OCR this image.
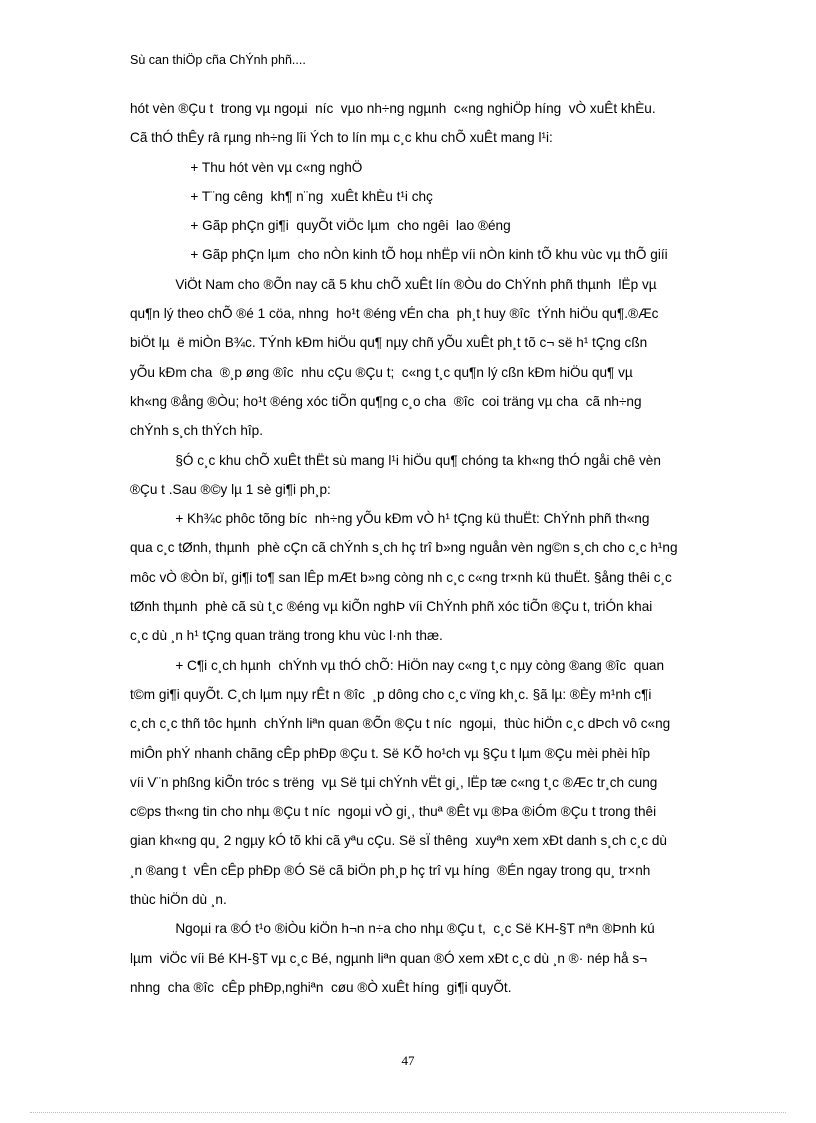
Sù can thiÖp cña ChÝnh phñ....
hót vèn ®Çu t  trong vµ ngoµi  níc  vµo nh÷ng ngµnh  c«ng nghiÖp híng  vÒ xuÊt khÈu.
Cã thÓ thÊy râ rµng nh÷ng lîi Ých to lín mµ c¸c khu chÕ xuÊt mang l¹i:
+ Thu hót vèn vµ c«ng nghÖ
+ T¨ng cêng  kh¶ n¨ng  xuÊt khÈu t¹i chç
+ Gãp phÇn gi¶i  quyÕt viÖc lµm  cho ngêi  lao ®éng
+ Gãp phÇn lµm  cho nÒn kinh tÕ hoµ nhËp víi nÒn kinh tÕ khu vùc vµ thÕ giíi
ViÖt Nam cho ®Õn nay cã 5 khu chÕ xuÊt lín ®Òu do ChÝnh phñ thµnh  lËp vµ
qu¶n lý theo chÕ ®é 1 cöa, nhng  ho¹t ®éng vÉn cha  ph¸t huy ®îc  tÝnh hiÖu qu¶.®Æc
biÖt lµ  ë miÒn B¾c. TÝnh kÐm hiÖu qu¶ nµy chñ yÕu xuÊt ph¸t tõ c¬ së h¹ tÇng cßn
yÕu kÐm cha  ®¸p øng ®îc  nhu cÇu ®Çu t;  c«ng t¸c qu¶n lý cßn kÐm hiÖu qu¶ vµ
kh«ng ®ång ®Òu; ho¹t ®éng xóc tiÕn qu¶ng c¸o cha  ®îc  coi träng vµ cha  cã nh÷ng
chÝnh s¸ch thÝch hîp.
§Ó c¸c khu chÕ xuÊt thËt sù mang l¹i hiÖu qu¶ chóng ta kh«ng thÓ ngåi chê vèn
®Çu t .Sau ®©y lµ 1 sè gi¶i ph¸p:
+ Kh¾c phôc tõng bíc  nh÷ng yÕu kÐm vÒ h¹ tÇng kü thuËt: ChÝnh phñ th«ng
qua c¸c tØnh, thµnh  phè cÇn cã chÝnh s¸ch hç trî b»ng nguån vèn ng©n s¸ch cho c¸c h¹ng
môc vÒ ®Òn bï, gi¶i to¶ san lÊp mÆt b»ng còng nh c¸c c«ng tr×nh kü thuËt. §ång thêi c¸c
tØnh thµnh  phè cã sù t¸c ®éng vµ kiÕn nghÞ víi ChÝnh phñ xóc tiÕn ®Çu t, triÓn khai
c¸c dù ¸n h¹ tÇng quan träng trong khu vùc l·nh thæ.
+ C¶i c¸ch hµnh  chÝnh vµ thÓ chÕ: HiÖn nay c«ng t¸c nµy còng ®ang ®îc  quan
t©m gi¶i quyÕt. C¸ch lµm nµy rÊt n ®îc  ¸p dông cho c¸c vïng kh¸c. §ã lµ: ®Èy m¹nh c¶i
c¸ch c¸c thñ tôc hµnh  chÝnh liªn quan ®Õn ®Çu t níc  ngoµi,  thùc hiÖn c¸c dÞch vô c«ng
miÔn phÝ nhanh chãng cÊp phÐp ®Çu t. Së KÕ ho¹ch vµ §Çu t lµm ®Çu mèi phèi hîp
víi V¨n phßng kiÕn tróc s trëng  vµ Së tµi chÝnh vËt gi¸, lËp tæ c«ng t¸c ®Æc tr¸ch cung
c©ps th«ng tin cho nhµ ®Çu t níc  ngoµi vÒ gi¸, thuª ®Êt vµ ®Þa ®iÓm ®Çu t trong thêi
gian kh«ng qu¸ 2 ngµy kÓ tõ khi cã yªu cÇu. Së sÏ thêng  xuyªn xem xÐt danh s¸ch c¸c dù
¸n ®ang t  vÊn cÊp phÐp ®Ó Së cã biÖn ph¸p hç trî vµ híng  ®Én ngay trong qu¸ tr×nh
thùc hiÖn dù ¸n.
Ngoµi ra ®Ó t¹o ®iÒu kiÖn h¬n n÷a cho nhµ ®Çu t,  c¸c Së KH-§T nªn ®Þnh kú
lµm  viÖc víi Bé KH-§T vµ c¸c Bé, ngµnh liªn quan ®Ó xem xÐt c¸c dù ¸n ®· nép hå s¬
nhng  cha ®îc  cÊp phÐp,nghiªn  cøu ®Ò xuÊt híng  gi¶i quyÕt.
47
